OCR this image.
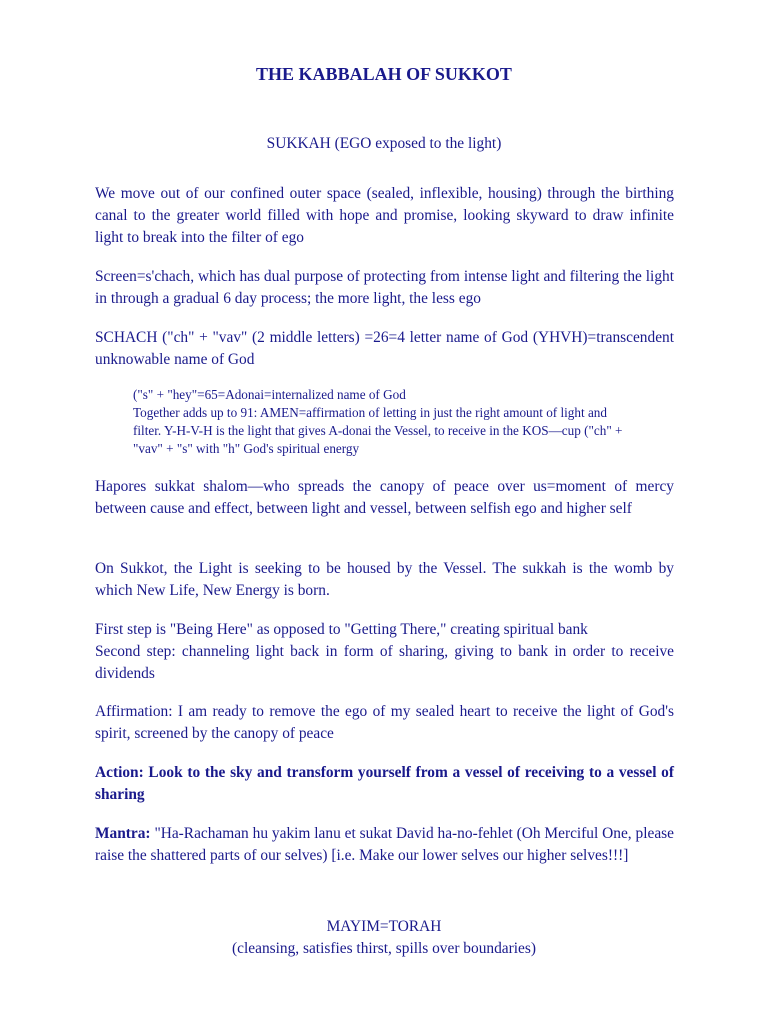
THE KABBALAH OF SUKKOT
SUKKAH (EGO exposed to the light)
We move out of our confined outer space (sealed, inflexible, housing) through the birthing canal to the greater world filled with hope and promise, looking skyward to draw infinite light to break into the filter of ego
Screen=s'chach, which has dual purpose of protecting from intense light and filtering the light in through a gradual 6 day process; the more light, the less ego
SCHACH ("ch" + "vav" (2 middle letters) =26=4 letter name of God (YHVH)=transcendent unknowable name of God
("s" + "hey"=65=Adonai=internalized name of God
Together adds up to 91: AMEN=affirmation of letting in just the right amount of light and filter. Y-H-V-H is the light that gives A-donai the Vessel, to receive in the KOS—cup ("ch" + "vav" + "s" with "h" God's spiritual energy
Hapores sukkat shalom—who spreads the canopy of peace over us=moment of mercy between cause and effect, between light and vessel, between selfish ego and higher self
On Sukkot, the Light is seeking to be housed by the Vessel. The sukkah is the womb by which New Life, New Energy is born.
First step is "Being Here" as opposed to "Getting There," creating spiritual bank
Second step: channeling light back in form of sharing, giving to bank in order to receive dividends
Affirmation: I am ready to remove the ego of my sealed heart to receive the light of God's spirit, screened by the canopy of peace
Action: Look to the sky and transform yourself from a vessel of receiving to a vessel of sharing
Mantra: "Ha-Rachaman hu yakim lanu et sukat David ha-no-fehlet (Oh Merciful One, please raise the shattered parts of our selves) [i.e. Make our lower selves our higher selves!!!]
MAYIM=TORAH
(cleansing, satisfies thirst, spills over boundaries)
